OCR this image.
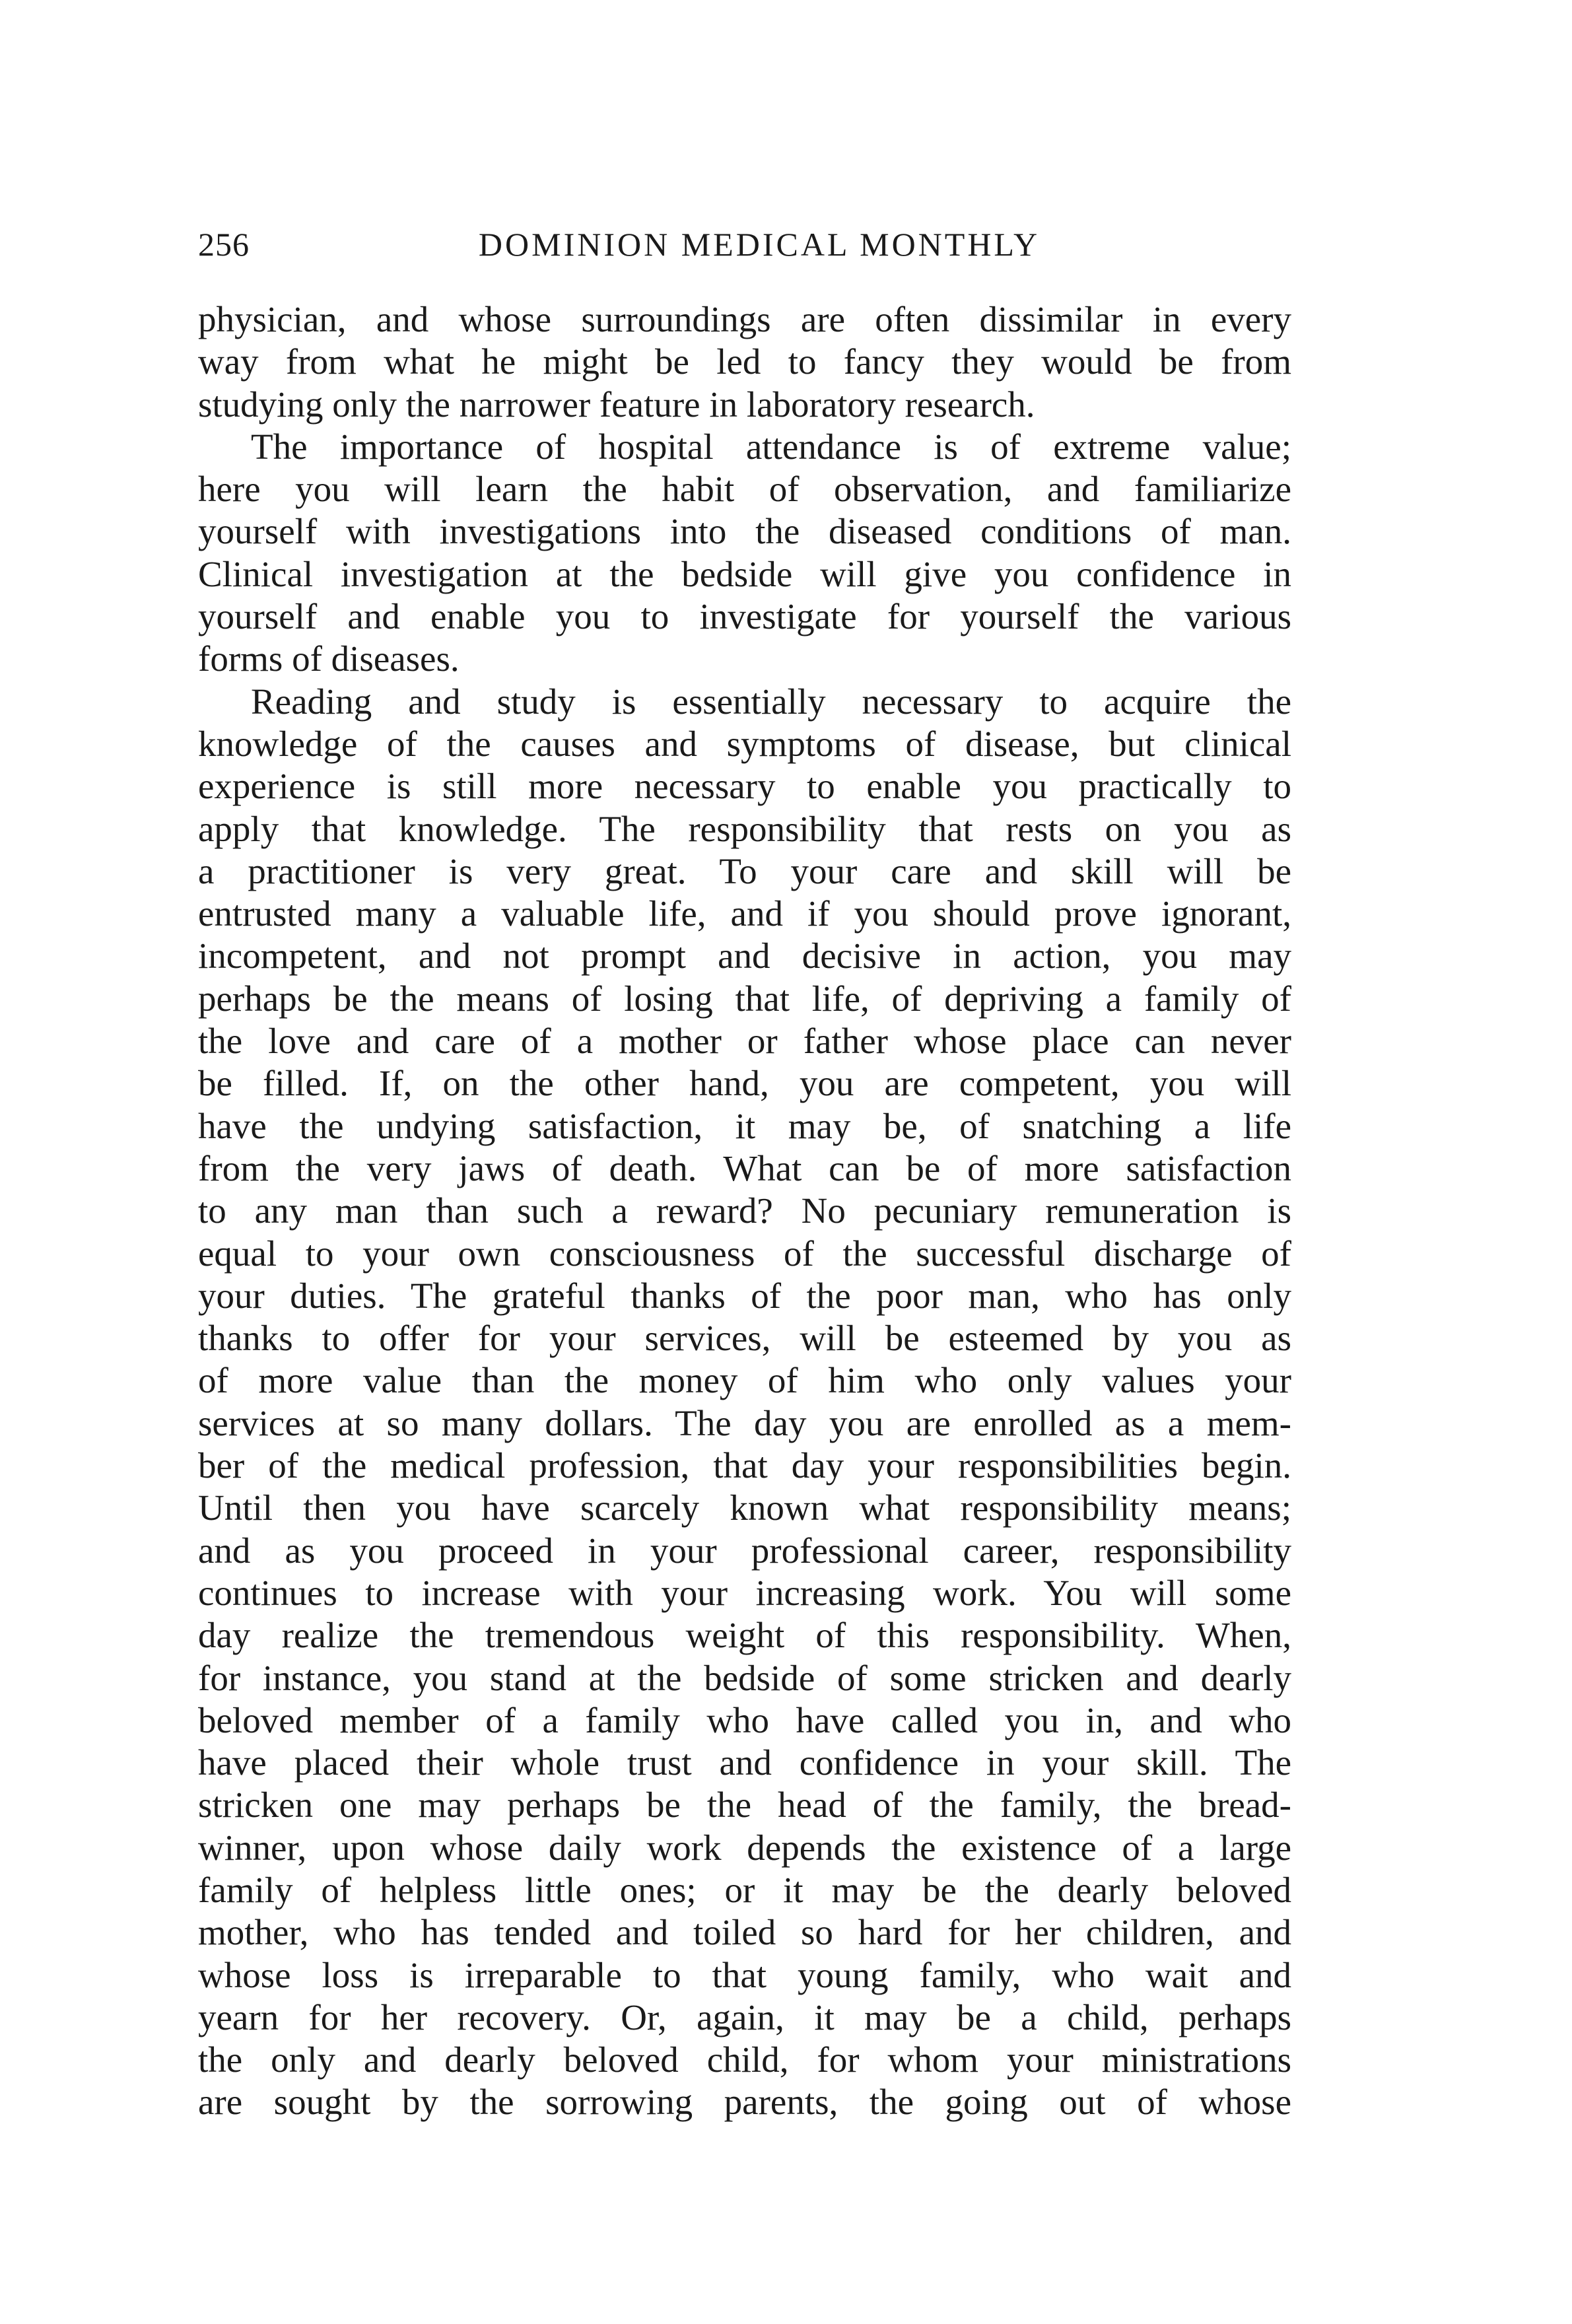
256	DOMINION MEDICAL MONTHLY
physician, and whose surroundings are often dissimilar in every
way from what he might be led to fancy they would be from
studying only the narrower feature in laboratory research.
The importance of hospital attendance is of extreme value;
here you will learn the habit of observation, and familiarize
yourself with investigations into the diseased conditions of man.
Clinical investigation at the bedside will give you confidence in
yourself and enable you to investigate for yourself the various
forms of diseases.
Reading and study is essentially necessary to acquire the
knowledge of the causes and symptoms of disease, but clinical
experience is still more necessary to enable you practically to
apply that knowledge. The responsibility that rests on you as
a practitioner is very great. To your care and skill will be
entrusted many a valuable life, and if you should prove ignorant,
incompetent, and not prompt and decisive in action, you may
perhaps be the means of losing that life, of depriving a family of
the love and care of a mother or father whose place can never
be filled. If, on the other hand, you are competent, you will
have the undying satisfaction, it may be, of snatching a life
from the very jaws of death. What can be of more satisfaction
to any man than such a reward? No pecuniary remuneration is
equal to your own consciousness of the successful discharge of
your duties. The grateful thanks of the poor man, who has only
thanks to offer for your services, will be esteemed by you as
of more value than the money of him who only values your
services at so many dollars. The day you are enrolled as a mem-
ber of the medical profession, that day your responsibilities begin.
Until then you have scarcely known what responsibility means;
and as you proceed in your professional career, responsibility
continues to increase with your increasing work. You will some
day realize the tremendous weight of this responsibility. When,
for instance, you stand at the bedside of some stricken and dearly
beloved member of a family who have called you in, and who
have placed their whole trust and confidence in your skill. The
stricken one may perhaps be the head of the family, the bread-
winner, upon whose daily work depends the existence of a large
family of helpless little ones; or it may be the dearly beloved
mother, who has tended and toiled so hard for her children, and
whose loss is irreparable to that young family, who wait and
yearn for her recovery. Or, again, it may be a child, perhaps
the only and dearly beloved child, for whom your ministrations
are sought by the sorrowing parents, the going out of whose
